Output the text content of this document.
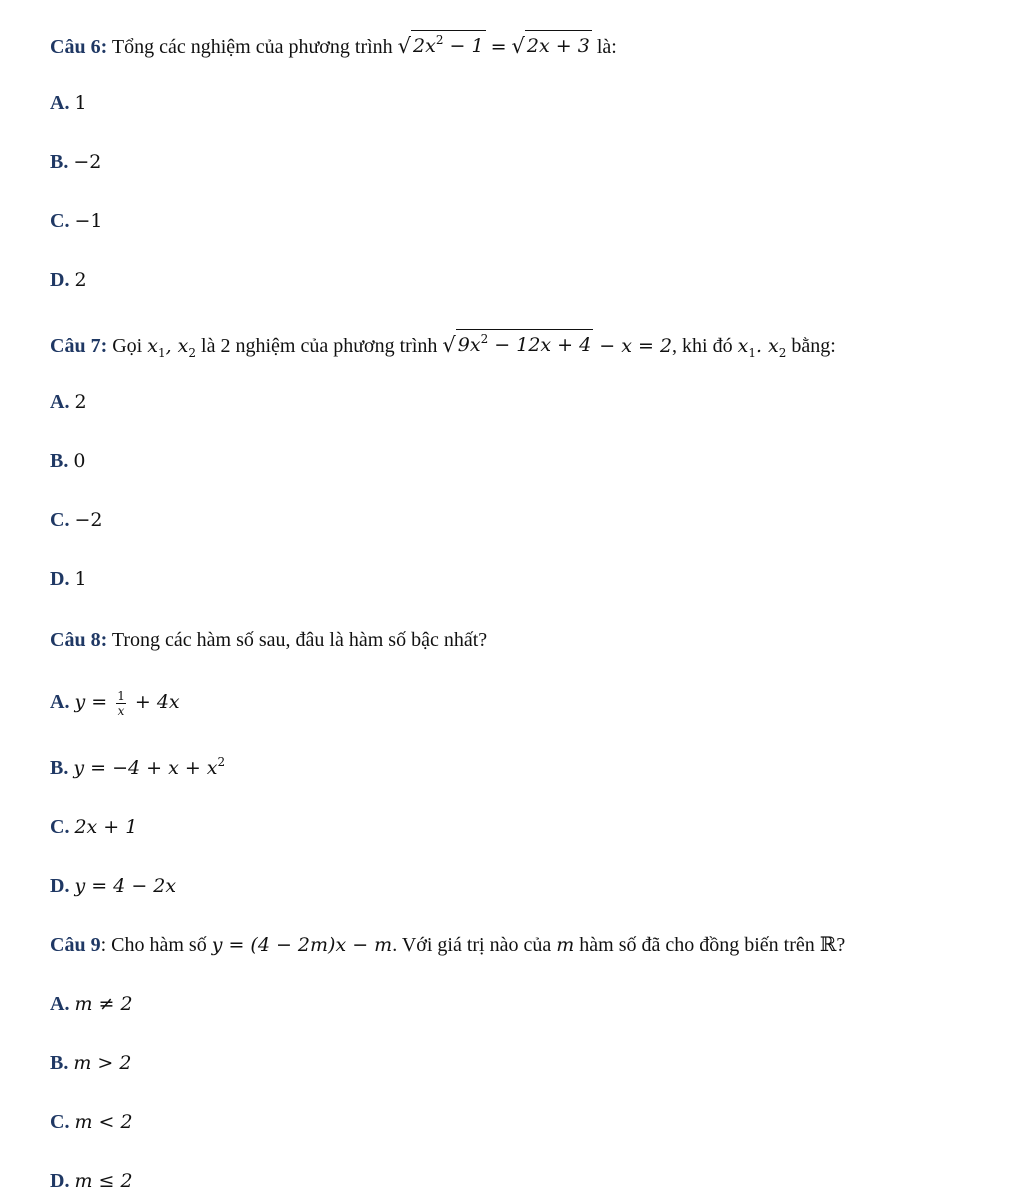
Câu 6: Tổng các nghiệm của phương trình √ $2x^2 - 1$ = √ 2x + 3 là:
A. 1
B. −2
C. −1
D. 2
Câu 7: Gọi $x_1$, $x_2$ là 2 nghiệm của phương trình √ $9x^2 - 12x + 4 - x = 2$, khi đó $x_1$. $x_2$ bằng:
A. 2
B. 0
C. −2
D. 1
Câu 8: Trong các hàm số sau, đâu là hàm số bậc nhất?
A. $y = \frac{1}{x} + 4x$
B. $y = -4 + x + x^2$
C. 2x + 1
D. y = 4 − 2x
Câu 9: Cho hàm số y = (4 − 2m)x − m. Với giá trị nào của m hàm số đã cho đồng biến trên ℝ?
A. m ≠ 2
B. m > 2
C. m < 2
D. m ≤ 2
